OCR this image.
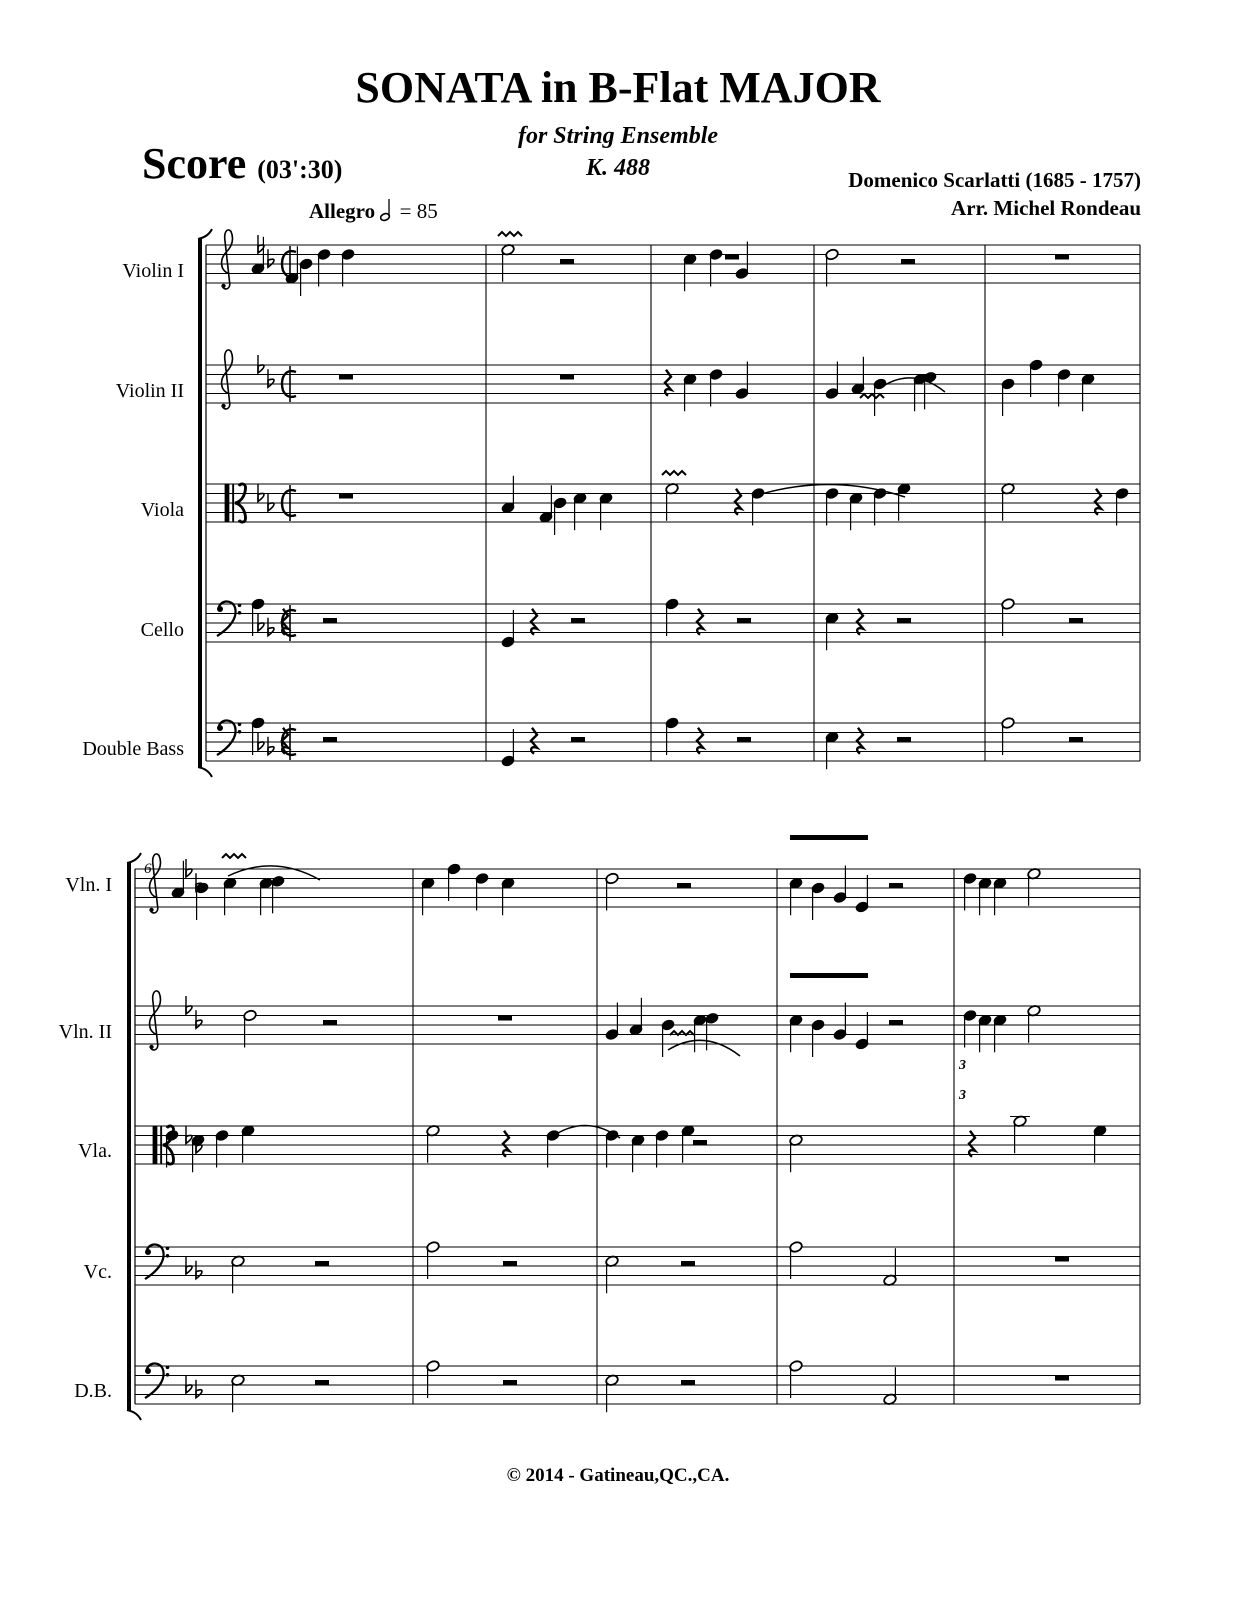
SONATA in B-Flat MAJOR
for String Ensemble
K. 488
Score (03':30)	Domenico Scarlatti (1685 - 1757)
Arr. Michel Rondeau
Allegro = 85
Violin I
Violin II
Viola
Cello
Double Bass
Vln. I
Vln. II
Vla.
Vc.
D.B.
6
3
3
© 2014 - Gatineau,QC.,CA.
